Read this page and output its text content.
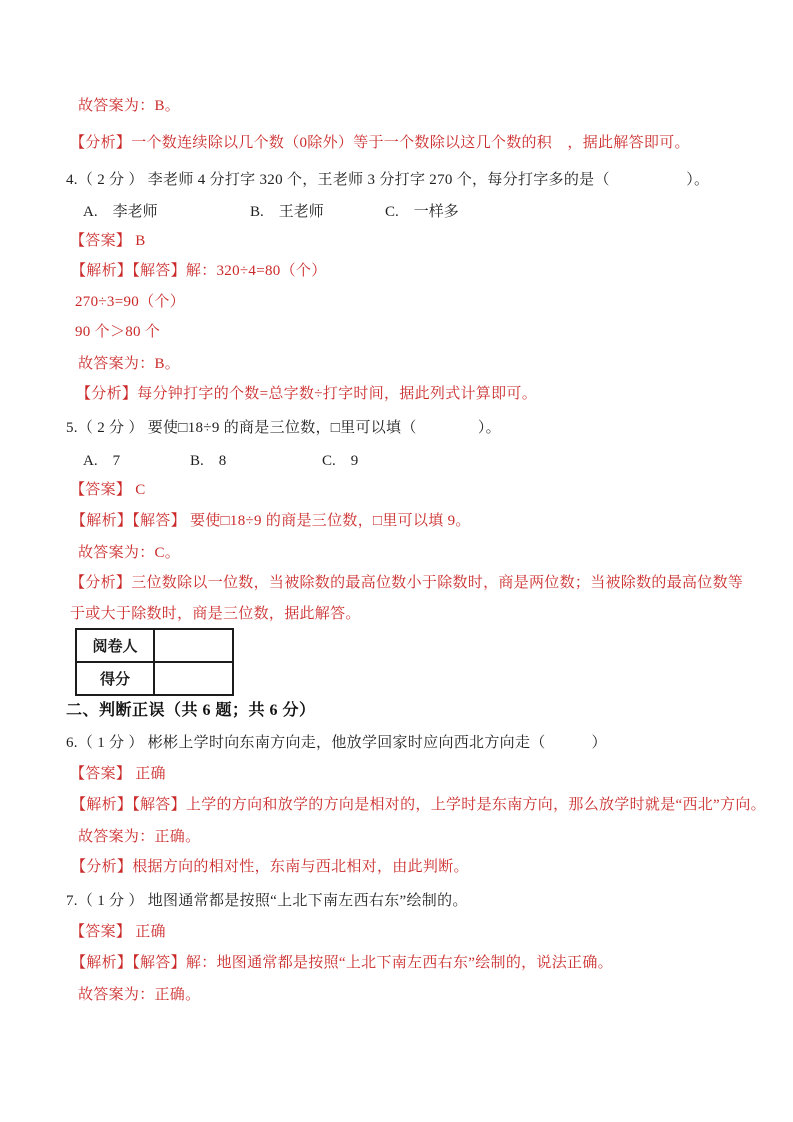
故答案为：B。
【分析】一个数连续除以几个数（0除外）等于一个数除以这几个数的积　，据此解答即可。
4.（ 2 分 ） 李老师 4 分打字 320 个，王老师 3 分打字 270 个，每分打字多的是（　　　　　）。
A.　李老师	B.　王老师	C.　一样多
【答案】 B
【解析】【解答】解：320÷4=80（个）
270÷3=90（个）
90 个＞80 个
故答案为：B。
【分析】每分钟打字的个数=总字数÷打字时间，据此列式计算即可。
5.（ 2 分 ） 要使□18÷9 的商是三位数，□里可以填（　　　　）。
A.　7	B.　8	C.　9
【答案】 C
【解析】【解答】 要使□18÷9 的商是三位数，□里可以填 9。
故答案为：C。
【分析】三位数除以一位数，当被除数的最高位数小于除数时，商是两位数；当被除数的最高位数等于或大于除数时，商是三位数，据此解答。
阅卷人	
得分	
二、判断正误（共 6 题；共 6 分）
6.（ 1 分 ） 彬彬上学时向东南方向走，他放学回家时应向西北方向走（　　　）
【答案】 正确
【解析】【解答】上学的方向和放学的方向是相对的，上学时是东南方向，那么放学时就是“西北”方向。
故答案为：正确。
【分析】根据方向的相对性，东南与西北相对，由此判断。
7.（ 1 分 ） 地图通常都是按照“上北下南左西右东”绘制的。
【答案】 正确
【解析】【解答】解：地图通常都是按照“上北下南左西右东”绘制的，说法正确。
故答案为：正确。
